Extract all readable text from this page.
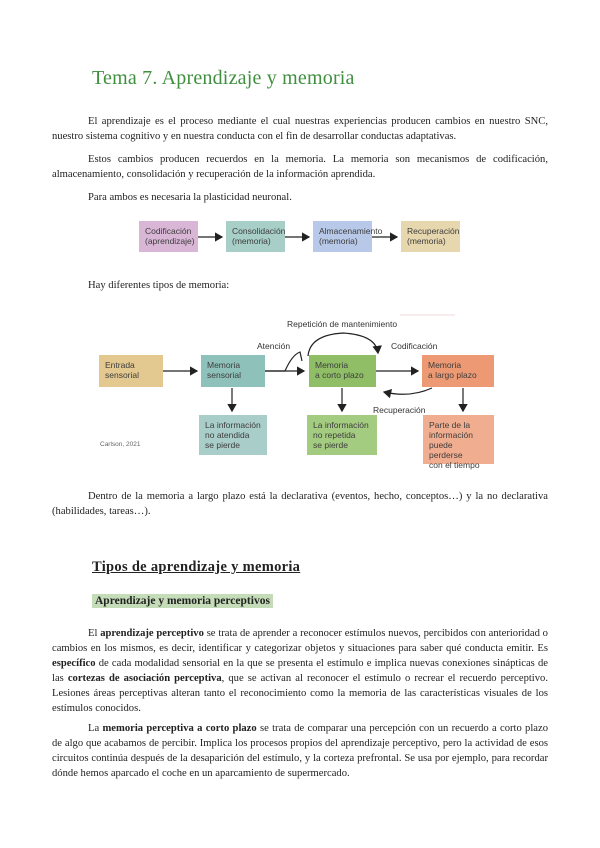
Tema 7. Aprendizaje y memoria

El aprendizaje es el proceso mediante el cual nuestras experiencias producen cambios en nuestro SNC, nuestro sistema cognitivo y en nuestra conducta con el fin de desarrollar conductas adaptativas.

Estos cambios producen recuerdos en la memoria. La memoria son mecanismos de codificación, almacenamiento, consolidación y recuperación de la información aprendida.

Para ambos es necesaria la plasticidad neuronal.
Codificación
(aprendizaje)
Consolidación
(memoria)
Almacenamiento
(memoria)
Recuperación
(memoria)
Hay diferentes tipos de memoria:
Entrada
sensorial
Memoria
sensorial
Memoria
a corto plazo
Memoria
a largo plazo
La información
no atendida
se pierde
La información
no repetida
se pierde
Parte de la
información
puede perderse
con el tiempo
Repetición de mantenimiento
Atención	Codificación
Recuperación
Carlson, 2021

Dentro de la memoria a largo plazo está la declarativa (eventos, hecho, conceptos…) y la no declarativa (habilidades, tareas…).

Tipos de aprendizaje y memoria
Aprendizaje y memoria perceptivos

El aprendizaje perceptivo se trata de aprender a reconocer estímulos nuevos, percibidos con anterioridad o cambios en los mismos, es decir, identificar y categorizar objetos y situaciones para saber qué conducta emitir. Es específico de cada modalidad sensorial en la que se presenta el estímulo e implica nuevas conexiones sinápticas de las cortezas de asociación perceptiva, que se activan al reconocer el estímulo o recrear el recuerdo perceptivo. Lesiones áreas perceptivas alteran tanto el reconocimiento como la memoria de las características visuales de los estímulos conocidos.

La memoria perceptiva a corto plazo se trata de comparar una percepción con un recuerdo a corto plazo de algo que acabamos de percibir. Implica los procesos propios del aprendizaje perceptivo, pero la actividad de esos circuitos continúa después de la desaparición del estímulo, y la corteza prefrontal. Se usa por ejemplo, para recordar dónde hemos aparcado el coche en un aparcamiento de supermercado.
